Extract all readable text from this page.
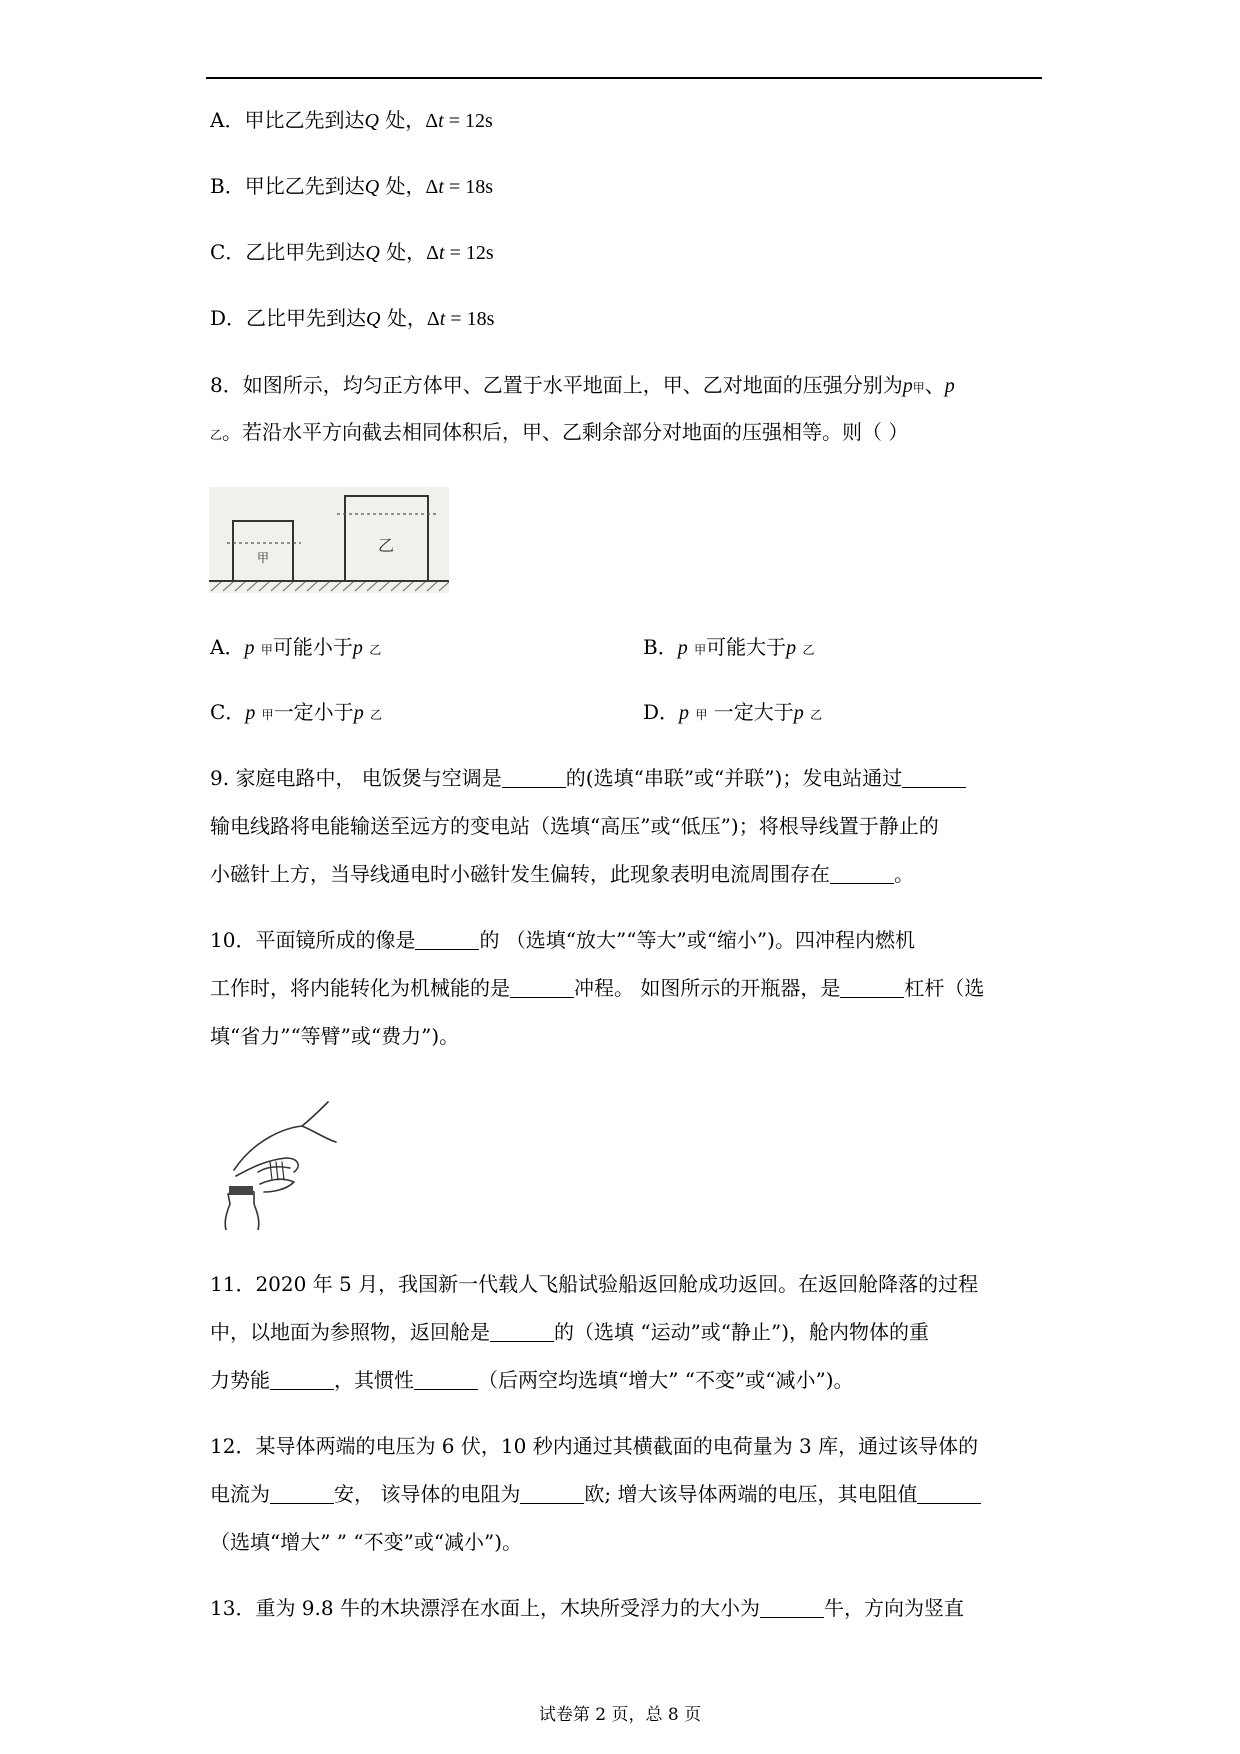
A．甲比乙先到达Q 处，Δt = 12s
B．甲比乙先到达Q 处，Δt = 18s
C．乙比甲先到达Q 处，Δt = 12s
D．乙比甲先到达Q 处，Δt = 18s
8．如图所示，均匀正方体甲、乙置于水平地面上，甲、乙对地面的压强分别为p甲、p
乙。若沿水平方向截去相同体积后，甲、乙剩余部分对地面的压强相等。则（ ）
甲
乙
A．p 甲可能小于p 乙	B．p 甲可能大于p 乙
C．p 甲一定小于p 乙	D．p 甲 一定大于p 乙
9. 家庭电路中， 电饭煲与空调是	的(选填“串联”或“并联”)；发电站通过
输电线路将电能输送至远方的变电站（选填“高压”或“低压”)；将根导线置于静止的
小磁针上方，当导线通电时小磁针发生偏转，此现象表明电流周围存在	。
10．平面镜所成的像是	的 （选填“放大”“等大”或“缩小”)。四冲程内燃机
工作时，将内能转化为机械能的是	冲程。 如图所示的开瓶器，是	杠杆（选
填“省力”“等臂”或“费力”)。
11．2020 年 5 月，我国新一代载人飞船试验船返回舱成功返回。在返回舱降落的过程
中，以地面为参照物，返回舱是	的（选填 “运动”或“静止”)，舱内物体的重
力势能	，其惯性	（后两空均选填“增大” “不变”或“减小”)。
12．某导体两端的电压为 6 伏，10 秒内通过其横截面的电荷量为 3 库，通过该导体的
电流为	安， 该导体的电阻为	欧; 增大该导体两端的电压，其电阻值
（选填“增大” ” “不变”或“减小”)。
13．重为 9.8 牛的木块漂浮在水面上，木块所受浮力的大小为	牛，方向为竖直
试卷第 2 页，总 8 页
